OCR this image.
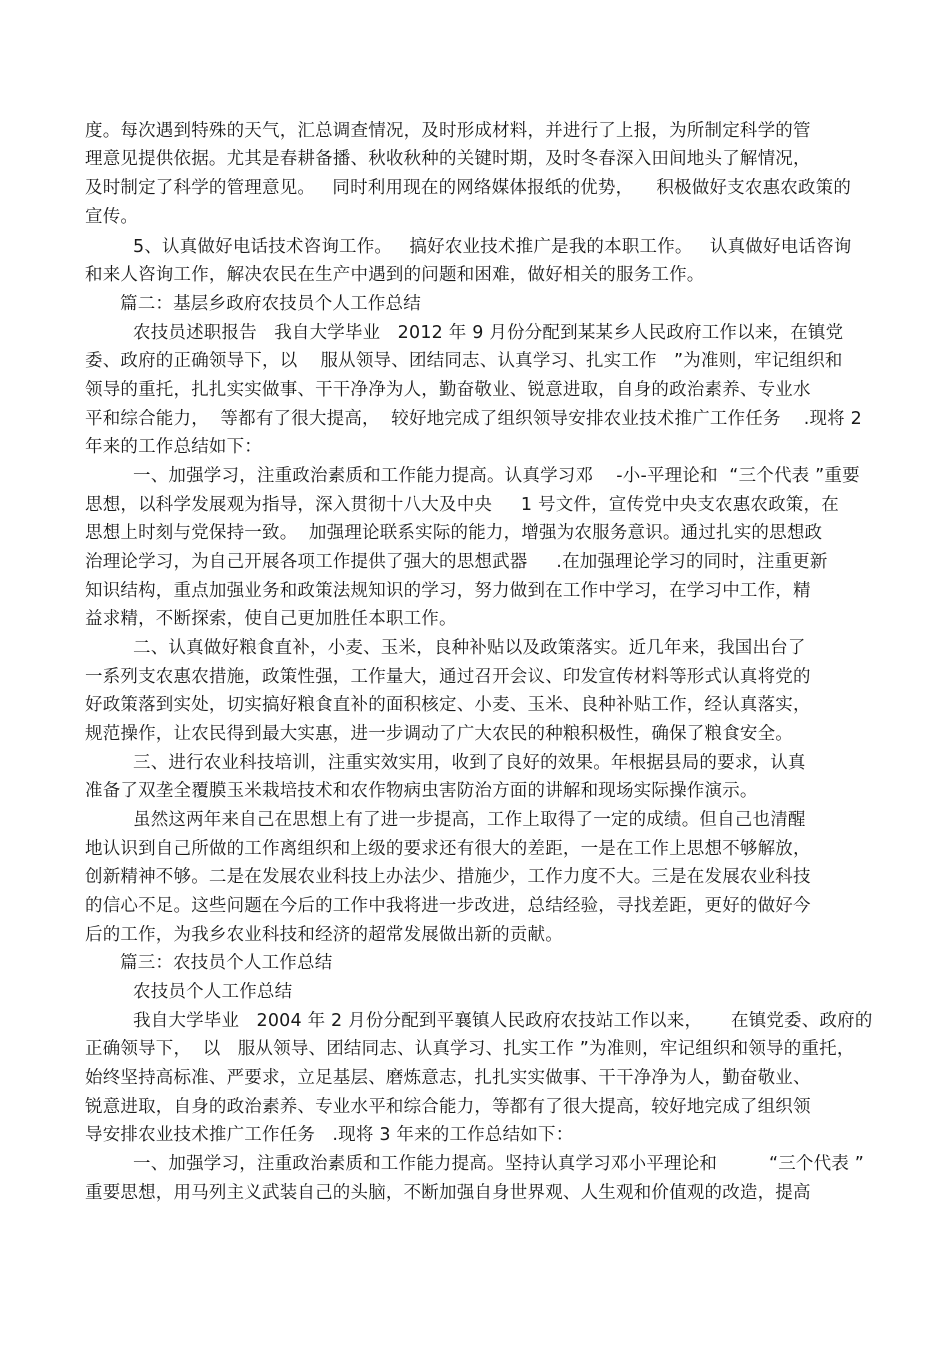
度。每次遇到特殊的天气，汇总调查情况，及时形成材料，并进行了上报，为所制定科学的管
理意见提供依据。尤其是春耕备播、秋收秋种的关键时期，及时冬春深入田间地头了解情况，
及时制定了科学的管理意见。   同时利用现在的网络媒体报纸的优势，    积极做好支农惠农政策的
宣传。
5、认真做好电话技术咨询工作。   搞好农业技术推广是我的本职工作。   认真做好电话咨询
和来人咨询工作，解决农民在生产中遇到的问题和困难，做好相关的服务工作。
篇二：基层乡政府农技员个人工作总结
农技员述职报告   我自大学毕业   2012 年 9 月份分配到某某乡人民政府工作以来，在镇党
委、政府的正确领导下，以    服从领导、团结同志、认真学习、扎实工作   ”为准则，牢记组织和
领导的重托，扎扎实实做事、干干净净为人，勤奋敬业、锐意进取，自身的政治素养、专业水
平和综合能力，  等都有了很大提高，  较好地完成了组织领导安排农业技术推广工作任务    .现将 2
年来的工作总结如下：
一、加强学习，注重政治素质和工作能力提高。认真学习邓    -小-平理论和  “三个代表 ”重要
思想，以科学发展观为指导，深入贯彻十八大及中央     1 号文件，宣传党中央支农惠农政策，在
思想上时刻与党保持一致。  加强理论联系实际的能力，增强为农服务意识。通过扎实的思想政
治理论学习，为自己开展各项工作提供了强大的思想武器     .在加强理论学习的同时，注重更新
知识结构，重点加强业务和政策法规知识的学习，努力做到在工作中学习，在学习中工作，精
益求精，不断探索，使自己更加胜任本职工作。
二、认真做好粮食直补，小麦、玉米，良种补贴以及政策落实。近几年来，我国出台了
一系列支农惠农措施，政策性强，工作量大，通过召开会议、印发宣传材料等形式认真将党的
好政策落到实处，切实搞好粮食直补的面积核定、小麦、玉米、良种补贴工作，经认真落实，
规范操作，让农民得到最大实惠，进一步调动了广大农民的种粮积极性，确保了粮食安全。
三、进行农业科技培训，注重实效实用，收到了良好的效果。年根据县局的要求，认真
准备了双垄全覆膜玉米栽培技术和农作物病虫害防治方面的讲解和现场实际操作演示。
虽然这两年来自己在思想上有了进一步提高，工作上取得了一定的成绩。但自己也清醒
地认识到自己所做的工作离组织和上级的要求还有很大的差距，一是在工作上思想不够解放，
创新精神不够。二是在发展农业科技上办法少、措施少，工作力度不大。三是在发展农业科技
的信心不足。这些问题在今后的工作中我将进一步改进，总结经验，寻找差距，更好的做好今
后的工作，为我乡农业科技和经济的超常发展做出新的贡献。
篇三：农技员个人工作总结
农技员个人工作总结
我自大学毕业   2004 年 2 月份分配到平襄镇人民政府农技站工作以来，     在镇党委、政府的
正确领导下，  以   服从领导、团结同志、认真学习、扎实工作 ”为准则，牢记组织和领导的重托，
始终坚持高标准、严要求，立足基层、磨炼意志，扎扎实实做事、干干净净为人，勤奋敬业、
锐意进取，自身的政治素养、专业水平和综合能力，等都有了很大提高，较好地完成了组织领
导安排农业技术推广工作任务   .现将 3 年来的工作总结如下：
一、加强学习，注重政治素质和工作能力提高。坚持认真学习邓小平理论和         “三个代表 ”
重要思想，用马列主义武装自己的头脑，不断加强自身世界观、人生观和价值观的改造，提高
